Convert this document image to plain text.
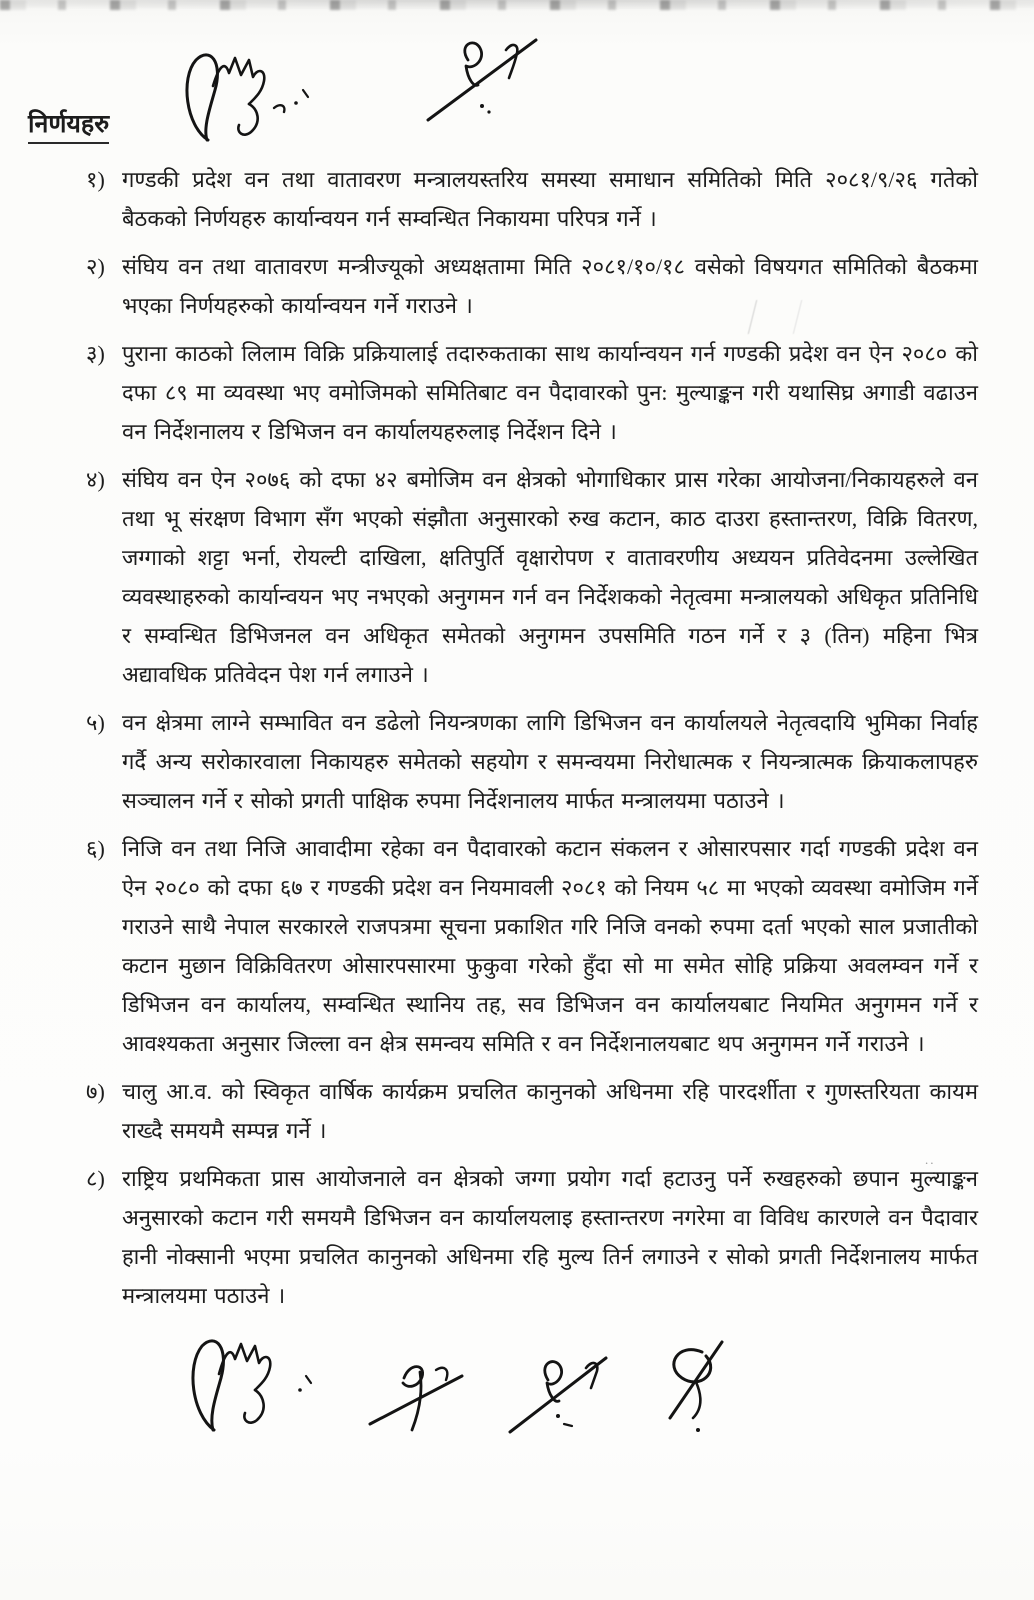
..
निर्णयहरु
१) गण्डकी प्रदेश वन तथा वातावरण मन्त्रालयस्तरिय समस्या समाधान समितिको मिति २०८१/९/२६ गतेको बैठकको निर्णयहरु कार्यान्वयन गर्न सम्वन्धित निकायमा परिपत्र गर्ने ।
२) संघिय वन तथा वातावरण मन्त्रीज्यूको अध्यक्षतामा मिति २०८१/१०/१८ वसेको विषयगत समितिको बैठकमा भएका निर्णयहरुको कार्यान्वयन गर्ने गराउने ।
३) पुराना काठको लिलाम विक्रि प्रक्रियालाई तदारुकताका साथ कार्यान्वयन गर्न गण्डकी प्रदेश वन ऐन २०८० को दफा ८९ मा व्यवस्था भए वमोजिमको समितिबाट वन पैदावारको पुन: मुल्याङ्कन गरी यथासिघ्र अगाडी वढाउन वन निर्देशनालय र डिभिजन वन कार्यालयहरुलाइ निर्देशन दिने ।
४) संघिय वन ऐन २०७६ को दफा ४२ बमोजिम वन क्षेत्रको भोगाधिकार प्रास गरेका आयोजना/निकायहरुले वन तथा भू संरक्षण विभाग सँग भएको संझौता अनुसारको रुख कटान, काठ दाउरा हस्तान्तरण, विक्रि वितरण, जग्गाको शट्टा भर्ना, रोयल्टी दाखिला, क्षतिपुर्ति वृक्षारोपण र वातावरणीय अध्ययन प्रतिवेदनमा उल्लेखित व्यवस्थाहरुको कार्यान्वयन भए नभएको अनुगमन गर्न वन निर्देशकको नेतृत्वमा मन्त्रालयको अधिकृत प्रतिनिधि र सम्वन्धित डिभिजनल वन अधिकृत समेतको अनुगमन उपसमिति गठन गर्ने र ३ (तिन) महिना भित्र अद्यावधिक प्रतिवेदन पेश गर्न लगाउने ।
५) वन क्षेत्रमा लाग्ने सम्भावित वन डढेलो नियन्त्रणका लागि डिभिजन वन कार्यालयले नेतृत्वदायि भुमिका निर्वाह गर्दै अन्य सरोकारवाला निकायहरु समेतको सहयोग र समन्वयमा निरोधात्मक र नियन्त्रात्मक क्रियाकलापहरु सञ्चालन गर्ने र सोको प्रगती पाक्षिक रुपमा निर्देशनालय मार्फत मन्त्रालयमा पठाउने ।
६) निजि वन तथा निजि आवादीमा रहेका वन पैदावारको कटान संकलन र ओसारपसार गर्दा गण्डकी प्रदेश वन ऐन २०८० को दफा ६७ र गण्डकी प्रदेश वन नियमावली २०८१ को नियम ५८ मा भएको व्यवस्था वमोजिम गर्ने गराउने साथै नेपाल सरकारले राजपत्रमा सूचना प्रकाशित गरि निजि वनको रुपमा दर्ता भएको साल प्रजातीको कटान मुछान विक्रिवितरण ओसारपसारमा फुकुवा गरेको हुँदा सो मा समेत सोहि प्रक्रिया अवलम्वन गर्ने र डिभिजन वन कार्यालय, सम्वन्धित स्थानिय तह, सव डिभिजन वन कार्यालयबाट नियमित अनुगमन गर्ने र आवश्यकता अनुसार जिल्ला वन क्षेत्र समन्वय समिति र वन निर्देशनालयबाट थप अनुगमन गर्ने गराउने ।
७) चालु आ.व. को स्विकृत वार्षिक कार्यक्रम प्रचलित कानुनको अधिनमा रहि पारदर्शीता र गुणस्तरियता कायम राख्दै समयमै सम्पन्न गर्ने ।
८) राष्ट्रिय प्रथमिकता प्रास आयोजनाले वन क्षेत्रको जग्गा प्रयोग गर्दा हटाउनु पर्ने रुखहरुको छपान मुल्याङ्कन अनुसारको कटान गरी समयमै डिभिजन वन कार्यालयलाइ हस्तान्तरण नगरेमा वा विविध कारणले वन पैदावार हानी नोक्सानी भएमा प्रचलित कानुनको अधिनमा रहि मुल्य तिर्न लगाउने र सोको प्रगती निर्देशनालय मार्फत मन्त्रालयमा पठाउने ।
